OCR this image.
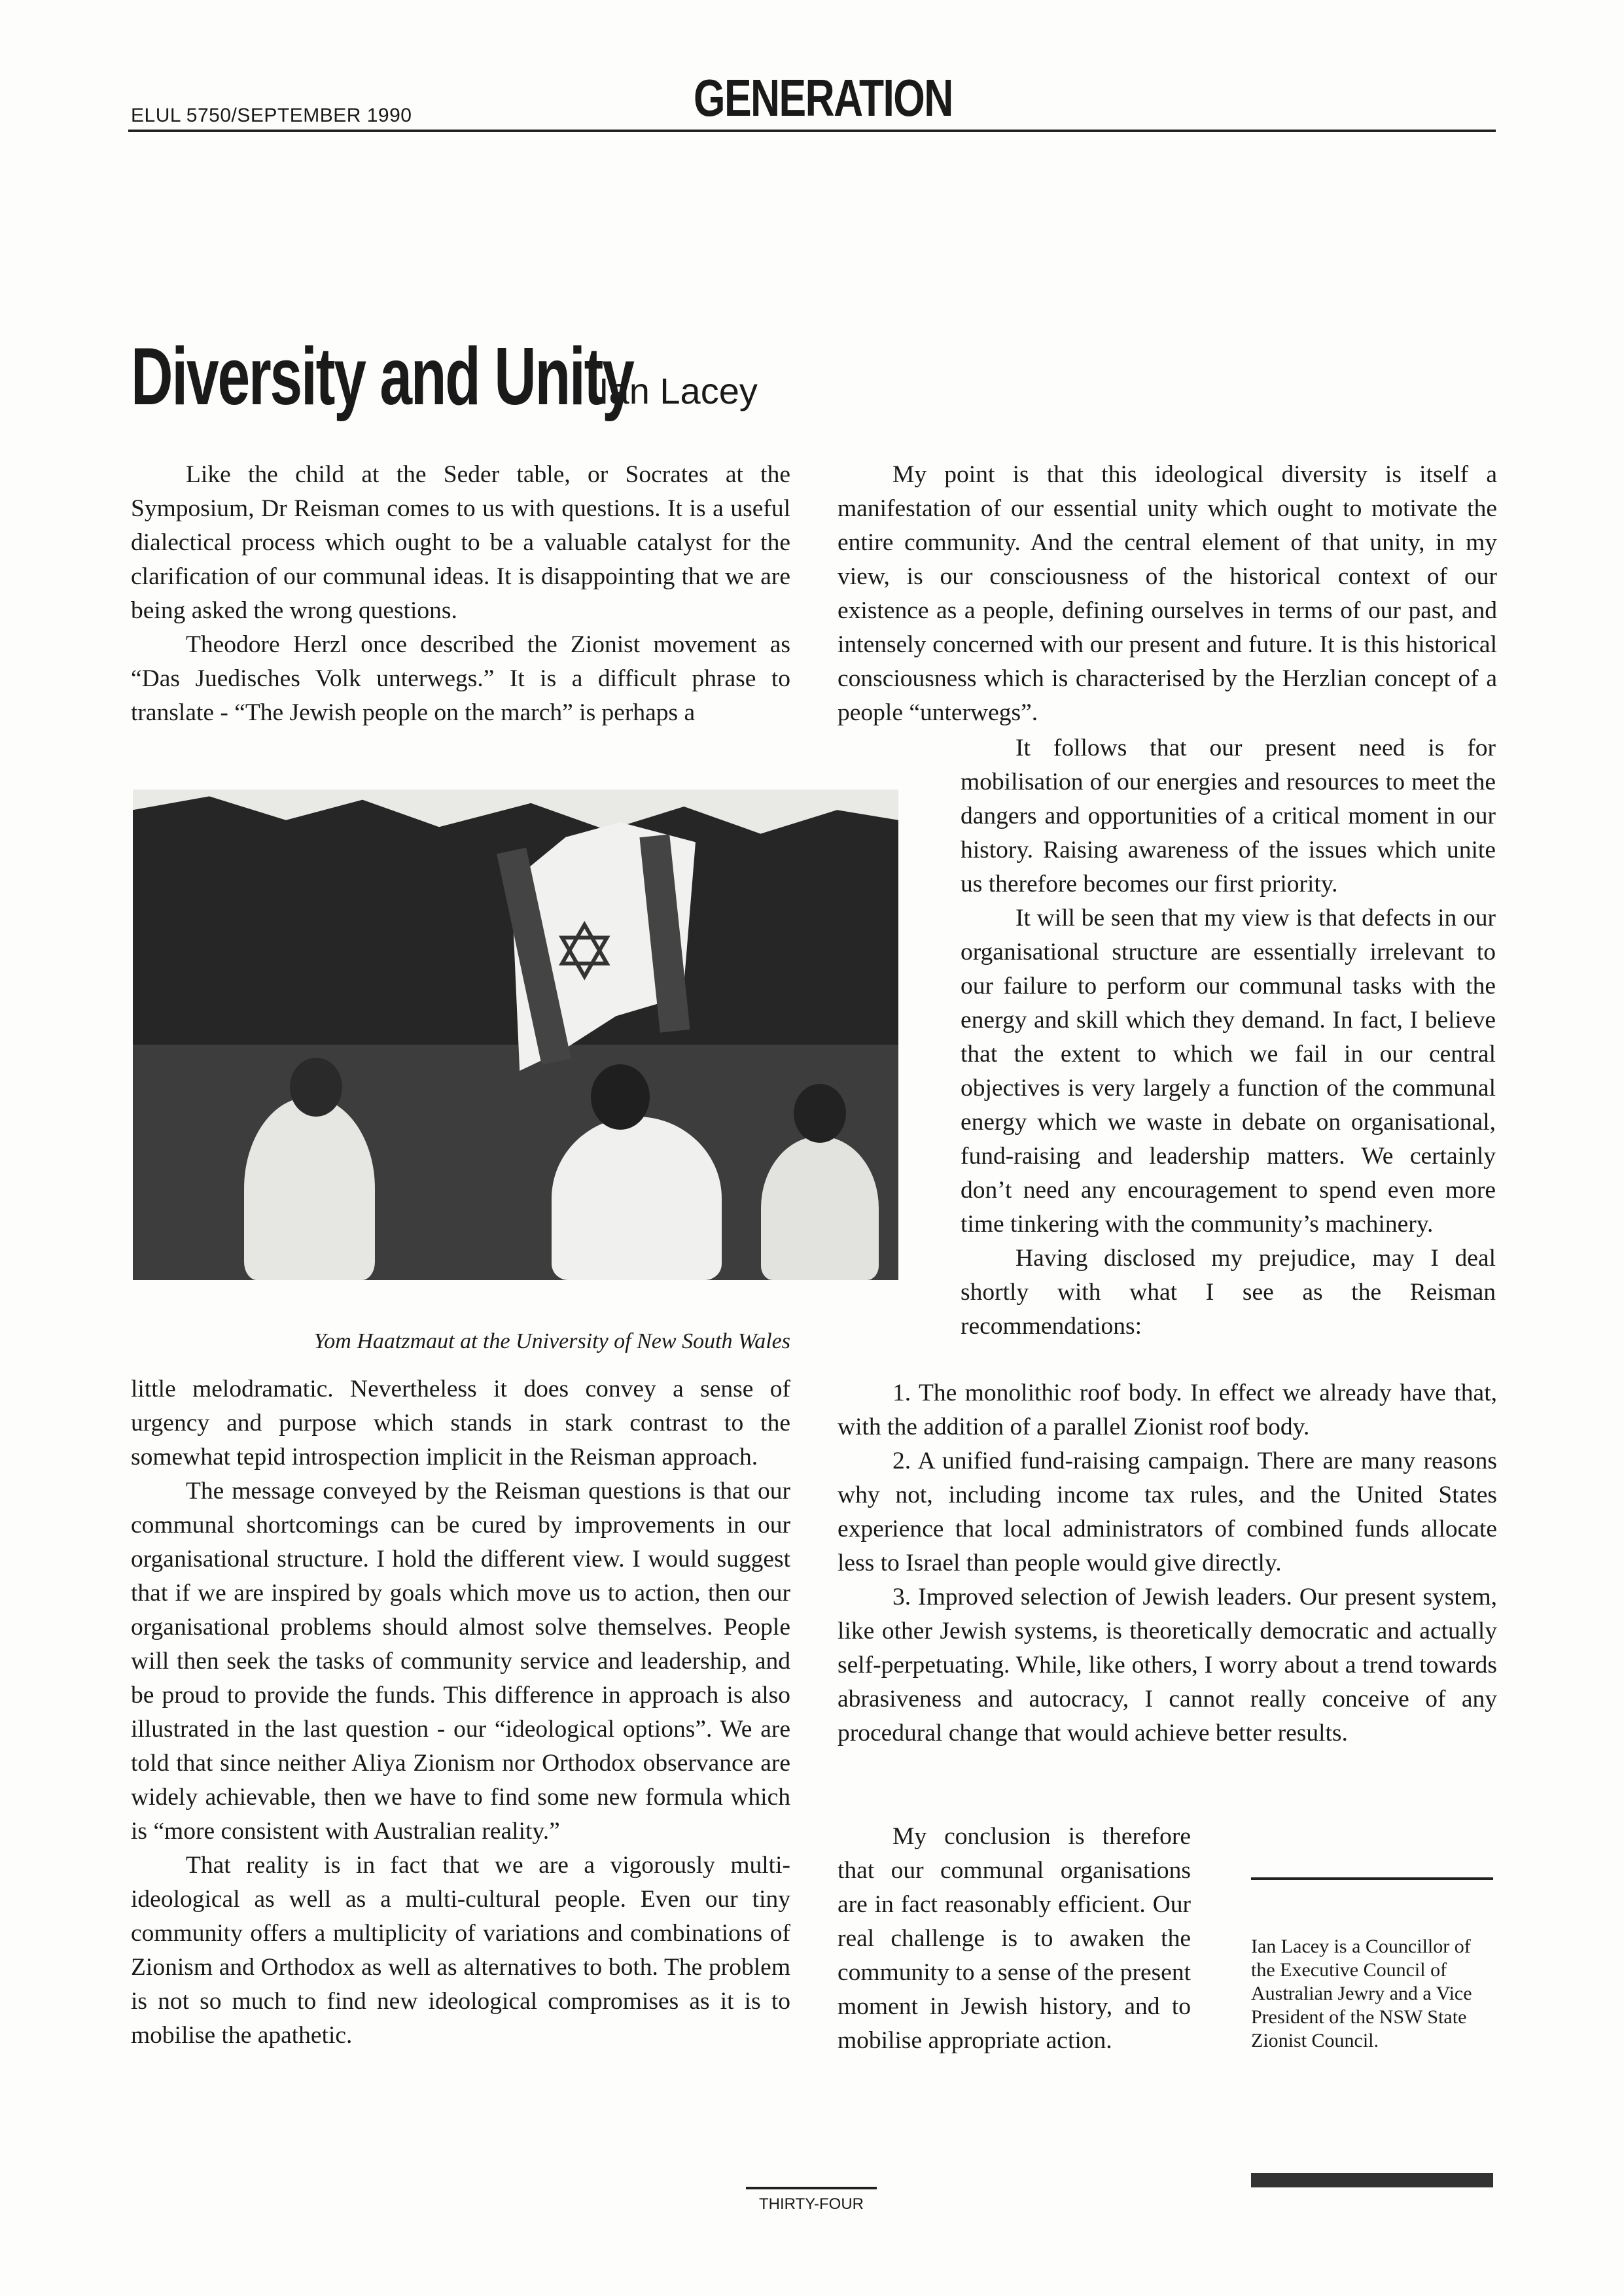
ELUL 5750/SEPTEMBER 1990	GENERATION
Diversity and Unity
Ian Lacey

Like the child at the Seder table, or Socrates at the Symposium, Dr Reisman comes to us with questions. It is a useful dialectical process which ought to be a valuable catalyst for the clarification of our communal ideas. It is disappointing that we are being asked the wrong questions.

Theodore Herzl once described the Zionist movement as “Das Juedisches Volk unterwegs.” It is a difficult phrase to translate - “The Jewish people on the march” is perhaps a

✡
Yom Haatzmaut at the University of New South Wales

little melodramatic. Nevertheless it does convey a sense of urgency and purpose which stands in stark contrast to the somewhat tepid introspection implicit in the Reisman approach.

The message conveyed by the Reisman questions is that our communal shortcomings can be cured by improvements in our organisational structure. I hold the different view. I would suggest that if we are inspired by goals which move us to action, then our organisational problems should almost solve themselves. People will then seek the tasks of community service and leadership, and be proud to provide the funds. This difference in approach is also illustrated in the last question - our “ideological options”. We are told that since neither Aliya Zionism nor Orthodox observance are widely achievable, then we have to find some new formula which is “more consistent with Australian reality.”

That reality is in fact that we are a vigorously multi-ideological as well as a multi-cultural people. Even our tiny community offers a multiplicity of variations and combinations of Zionism and Orthodox as well as alternatives to both. The problem is not so much to find new ideological compromises as it is to mobilise the apathetic.

My point is that this ideological diversity is itself a manifestation of our essential unity which ought to motivate the entire community. And the central element of that unity, in my view, is our consciousness of the historical context of our existence as a people, defining ourselves in terms of our past, and intensely concerned with our present and future. It is this historical consciousness which is characterised by the Herzlian concept of a people “unterwegs”.

It follows that our present need is for mobilisation of our energies and resources to meet the dangers and opportunities of a critical moment in our history. Raising awareness of the issues which unite us therefore becomes our first priority.

It will be seen that my view is that defects in our organisational structure are essentially irrelevant to our failure to perform our communal tasks with the energy and skill which they demand. In fact, I believe that the extent to which we fail in our central objectives is very largely a function of the communal energy which we waste in debate on organisational, fund-raising and leadership matters. We certainly don’t need any encouragement to spend even more time tinkering with the community’s machinery.

Having disclosed my prejudice, may I deal shortly with what I see as the Reisman recommendations:

1. The monolithic roof body. In effect we already have that, with the addition of a parallel Zionist roof body.

2. A unified fund-raising campaign. There are many reasons why not, including income tax rules, and the United States experience that local administrators of combined funds allocate less to Israel than people would give directly.

3. Improved selection of Jewish leaders. Our present system, like other Jewish systems, is theoretically democratic and actually self-perpetuating. While, like others, I worry about a trend towards abrasiveness and autocracy, I cannot really conceive of any procedural change that would achieve better results.

My conclusion is therefore that our communal organisations are in fact reasonably efficient. Our real challenge is to awaken the community to a sense of the present moment in Jewish history, and to mobilise appropriate action.

Ian Lacey is a Councillor of the Executive Council of Australian Jewry and a Vice President of the NSW State Zionist Council.
THIRTY-FOUR
